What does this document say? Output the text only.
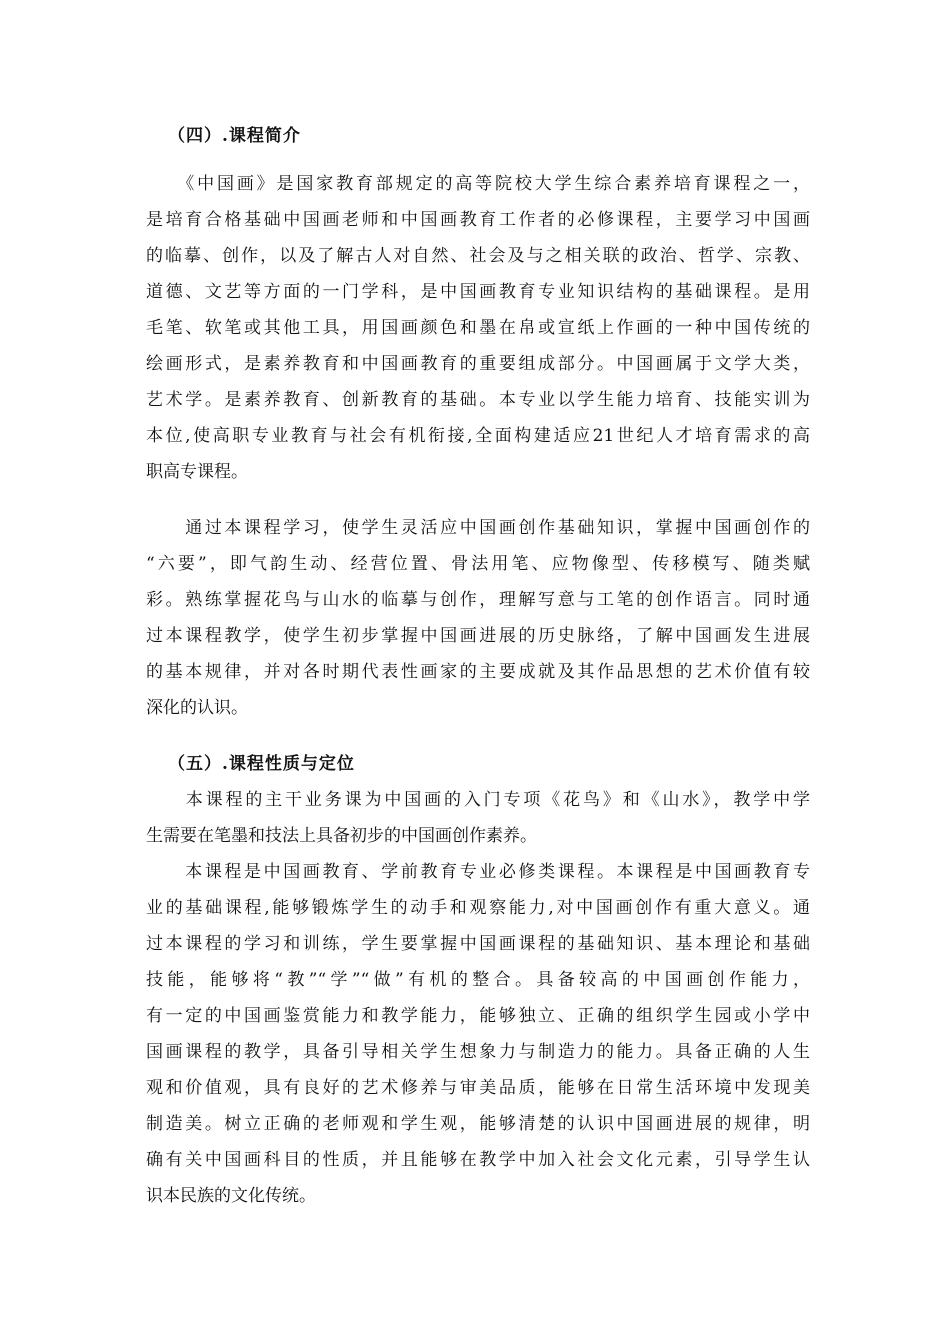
（四）.课程简介
　　《中国画》是国家教育部规定的高等院校大学生综合素养培育课程之一，
是培育合格基础中国画老师和中国画教育工作者的必修课程，主要学习中国画
的临摹、创作，以及了解古人对自然、社会及与之相关联的政治、哲学、宗教、
道德、文艺等方面的一门学科，是中国画教育专业知识结构的基础课程。是用
毛笔、软笔或其他工具，用国画颜色和墨在帛或宣纸上作画的一种中国传统的
绘画形式，是素养教育和中国画教育的重要组成部分。中国画属于文学大类，
艺术学。是素养教育、创新教育的基础。本专业以学生能力培育、技能实训为
本位,使高职专业教育与社会有机衔接,全面构建适应21世纪人才培育需求的高
职高专课程。
　　通过本课程学习，使学生灵活应中国画创作基础知识，掌握中国画创作的
“六要”，即气韵生动、经营位置、骨法用笔、应物像型、传移模写、随类赋
彩。熟练掌握花鸟与山水的临摹与创作，理解写意与工笔的创作语言。同时通
过本课程教学，使学生初步掌握中国画进展的历史脉络，了解中国画发生进展
的基本规律，并对各时期代表性画家的主要成就及其作品思想的艺术价值有较
深化的认识。
（五）.课程性质与定位
　　本课程的主干业务课为中国画的入门专项《花鸟》和《山水》，教学中学
生需要在笔墨和技法上具备初步的中国画创作素养。
　　本课程是中国画教育、学前教育专业必修类课程。本课程是中国画教育专
业的基础课程,能够锻炼学生的动手和观察能力,对中国画创作有重大意义。通
过本课程的学习和训练，学生要掌握中国画课程的基础知识、基本理论和基础
技能，能够将“教”“学”“做”有机的整合。具备较高的中国画创作能力，
有一定的中国画鉴赏能力和教学能力，能够独立、正确的组织学生园或小学中
国画课程的教学，具备引导相关学生想象力与制造力的能力。具备正确的人生
观和价值观，具有良好的艺术修养与审美品质，能够在日常生活环境中发现美
制造美。树立正确的老师观和学生观，能够清楚的认识中国画进展的规律，明
确有关中国画科目的性质，并且能够在教学中加入社会文化元素，引导学生认
识本民族的文化传统。
